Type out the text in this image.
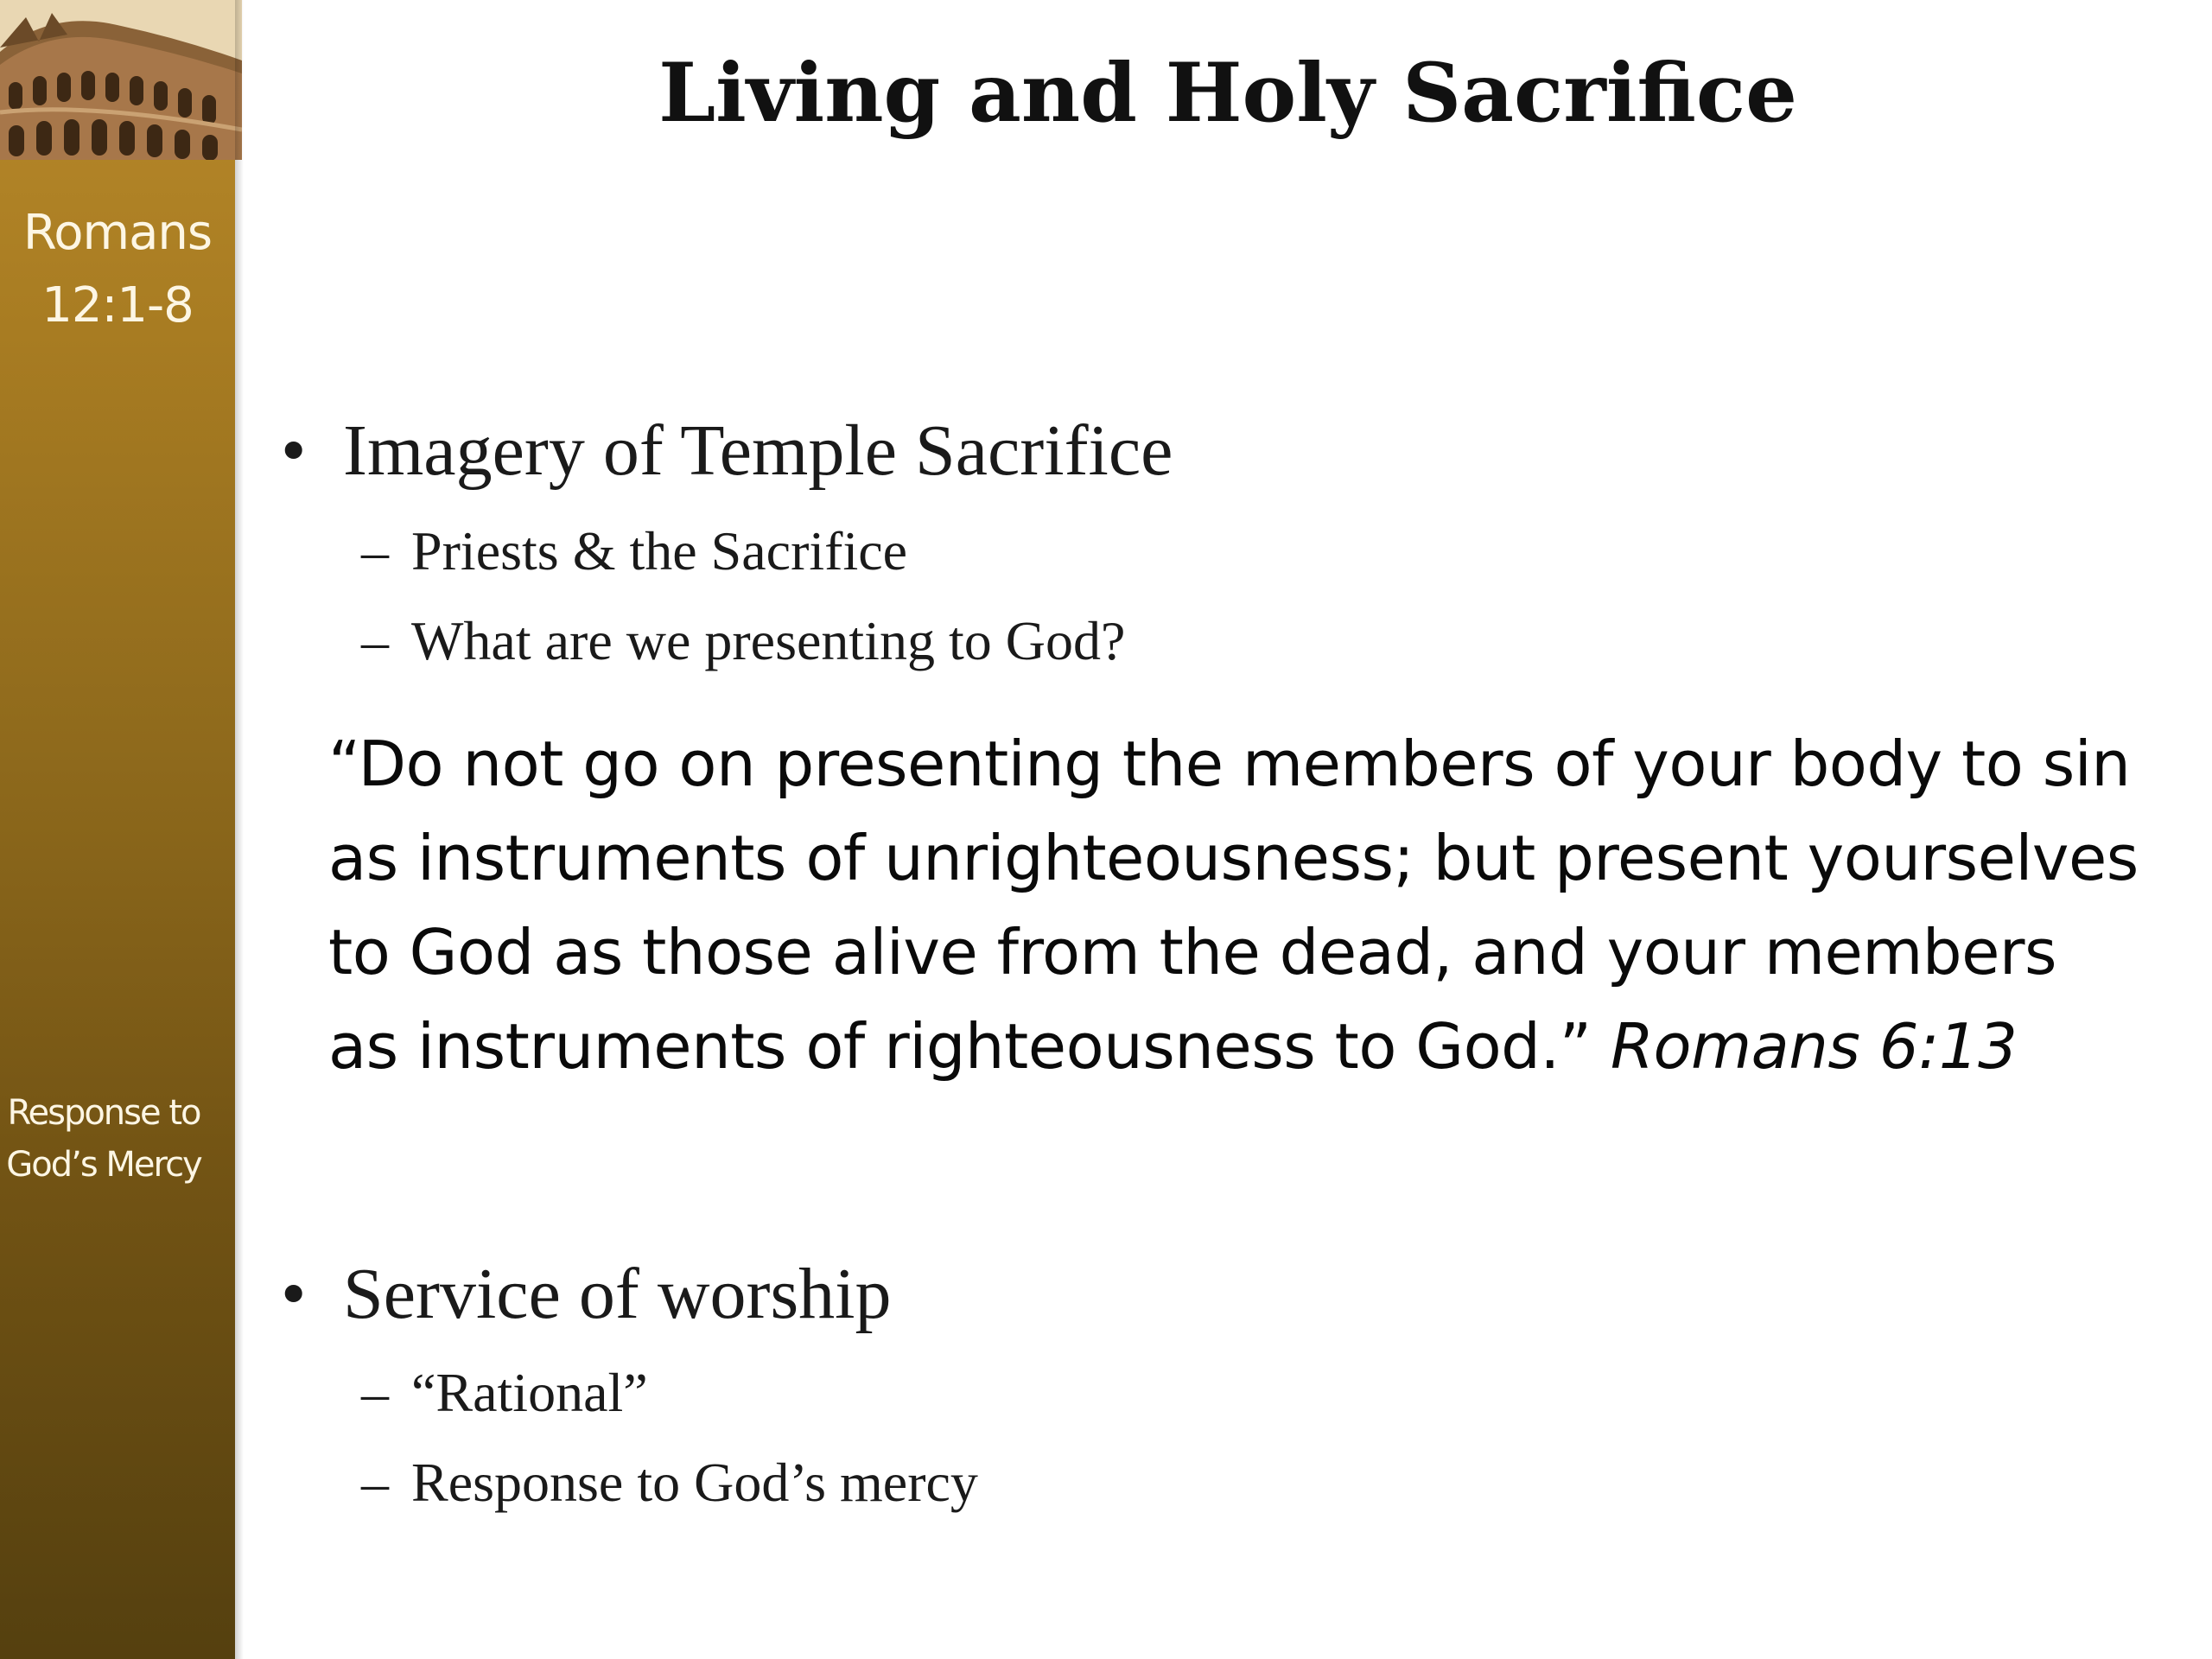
Romans
12:1-8
Response to
God’s Mercy
Living and Holy Sacrifice
• Imagery of Temple Sacrifice
– Priests & the Sacrifice
– What are we presenting to God?
“Do not go on presenting the members of your body to sin as instruments of unrighteousness; but present yourselves to God as those alive from the dead, and your members as instruments of righteousness to God.” Romans 6:13
• Service of worship
– “Rational”
– Response to God’s mercy
